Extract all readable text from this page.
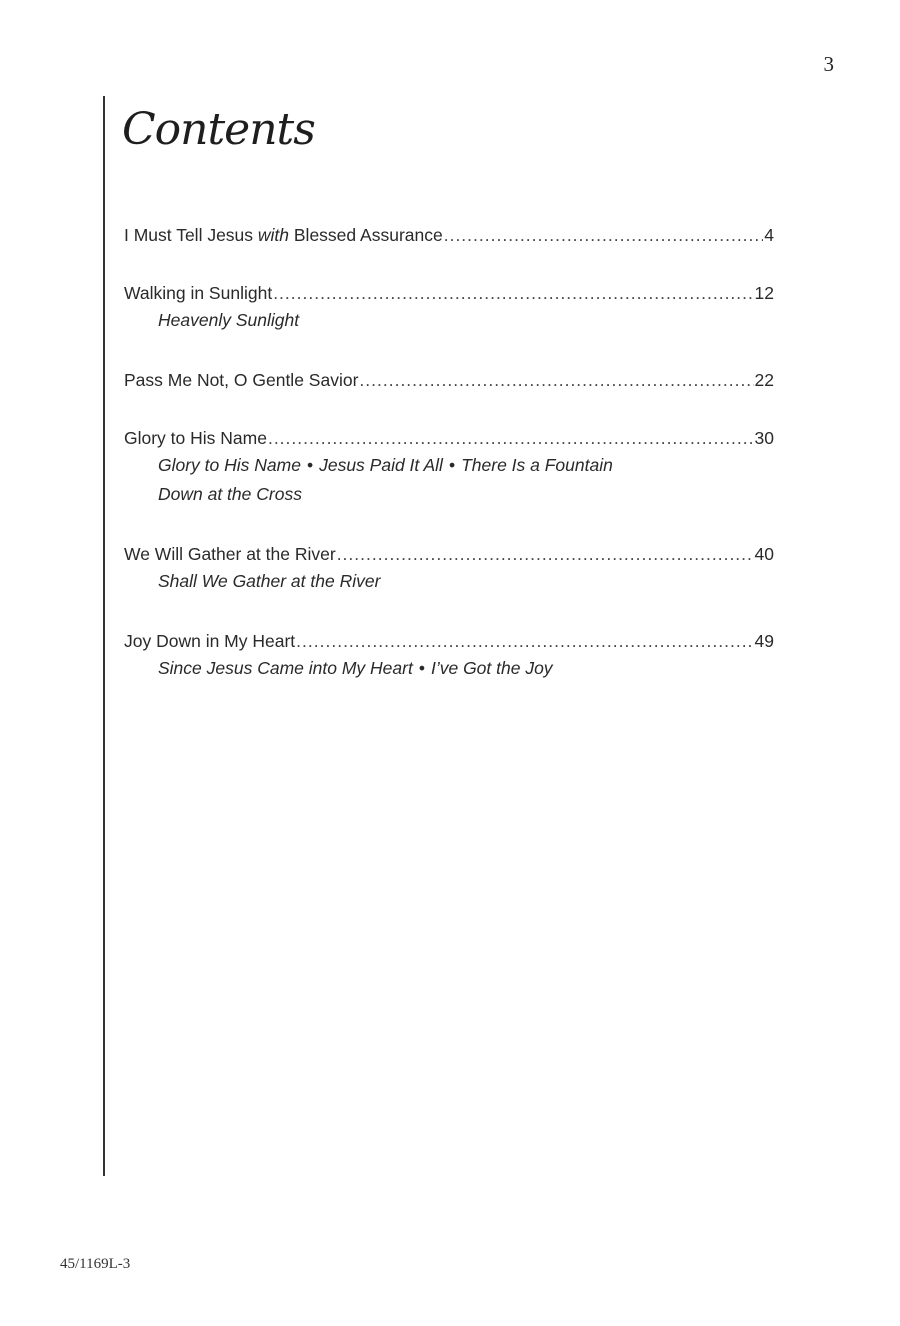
3
Contents
I Must Tell Jesus with Blessed Assurance .....	4
Walking in Sunlight .....	12
Heavenly Sunlight
Pass Me Not, O Gentle Savior .....	22
Glory to His Name .....	30
Glory to His Name • Jesus Paid It All • There Is a Fountain
Down at the Cross
We Will Gather at the River .....	40
Shall We Gather at the River
Joy Down in My Heart .....	49
Since Jesus Came into My Heart • I’ve Got the Joy
45/1169L-3
